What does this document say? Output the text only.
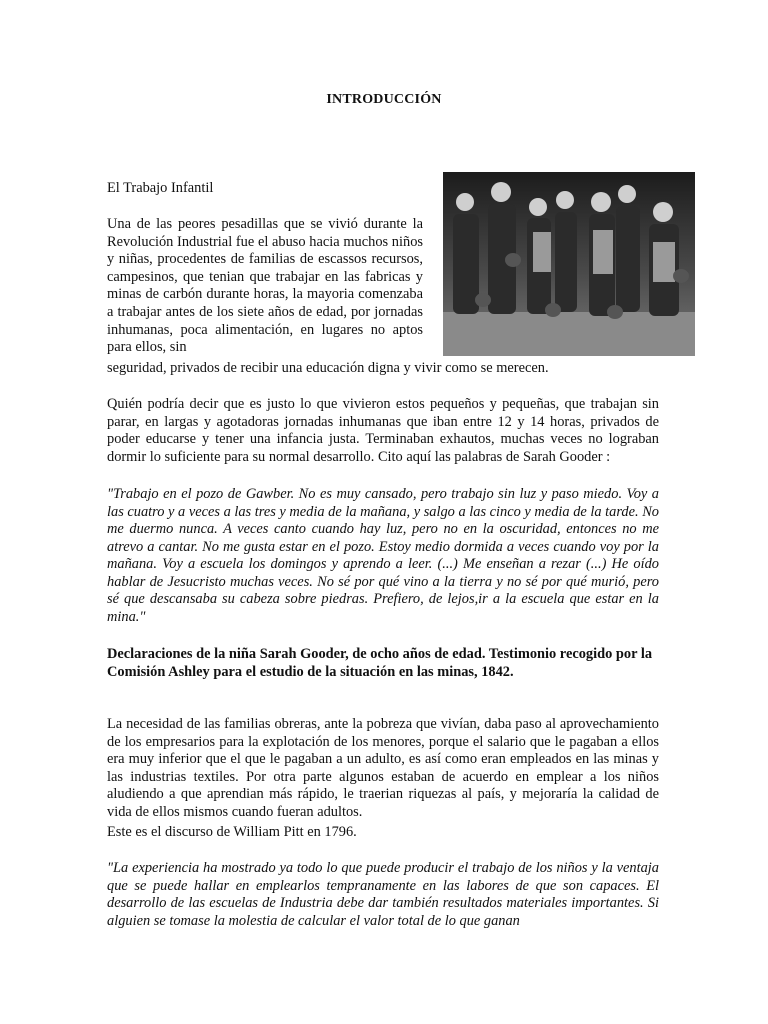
INTRODUCCIÓN
El Trabajo Infantil

Una de las peores pesadillas que se vivió durante la Revolución Industrial fue el abuso hacia muchos niños y niñas, procedentes de familias de escassos recursos, campesinos, que tenian que trabajar en las fabricas y minas de carbón durante horas, la mayoria comenzaba a trabajar antes de los siete años de edad, por jornadas inhumanas, poca alimentación, en lugares no aptos para ellos, sin

seguridad, privados de recibir una educación digna y vivir como se merecen.

Quién podría decir que es justo lo que vivieron estos pequeños y pequeñas, que trabajan sin parar, en largas y agotadoras jornadas inhumanas que iban entre 12 y 14 horas, privados de poder educarse y tener una infancia justa. Terminaban exhautos, muchas veces no lograban dormir lo suficiente para su normal desarrollo. Cito aquí las palabras de Sarah Gooder :

"Trabajo en el pozo de Gawber. No es muy cansado, pero trabajo sin luz y paso miedo. Voy a las cuatro y a veces a las tres y media de la mañana, y salgo a las cinco y media de la tarde. No me duermo nunca. A veces canto cuando hay luz, pero no en la oscuridad, entonces no me atrevo a cantar. No me gusta estar en el pozo. Estoy medio dormida a veces cuando voy por la mañana. Voy a escuela los domingos y aprendo a leer. (...) Me enseñan a rezar (...) He oído hablar de Jesucristo muchas veces. No sé por qué vino a la tierra y no sé por qué murió, pero sé que descansaba su cabeza sobre piedras. Prefiero, de lejos,ir a la escuela que estar en la mina."

Declaraciones de la niña Sarah Gooder, de ocho años de edad. Testimonio recogido por la Comisión Ashley para el estudio de la situación en las minas, 1842.

La necesidad de las familias obreras, ante la pobreza que vivían, daba paso al aprovechamiento de los empresarios para la explotación de los menores, porque el salario que le pagaban a ellos era muy inferior que el que le pagaban a un adulto, es así como eran empleados en las minas y las industrias textiles. Por otra parte algunos estaban de acuerdo en emplear a los niños aludiendo a que aprendian más rápido, le traerian riquezas al país, y mejoraría la calidad de vida de ellos mismos cuando fueran adultos.

Este es el discurso de William Pitt en 1796.

"La experiencia ha mostrado ya todo lo que puede producir el trabajo de los niños y la ventaja que se puede hallar en emplearlos tempranamente en las labores de que son capaces. El desarrollo de las escuelas de Industria debe dar también resultados materiales importantes. Si alguien se tomase la molestia de calcular el valor total de lo que ganan
